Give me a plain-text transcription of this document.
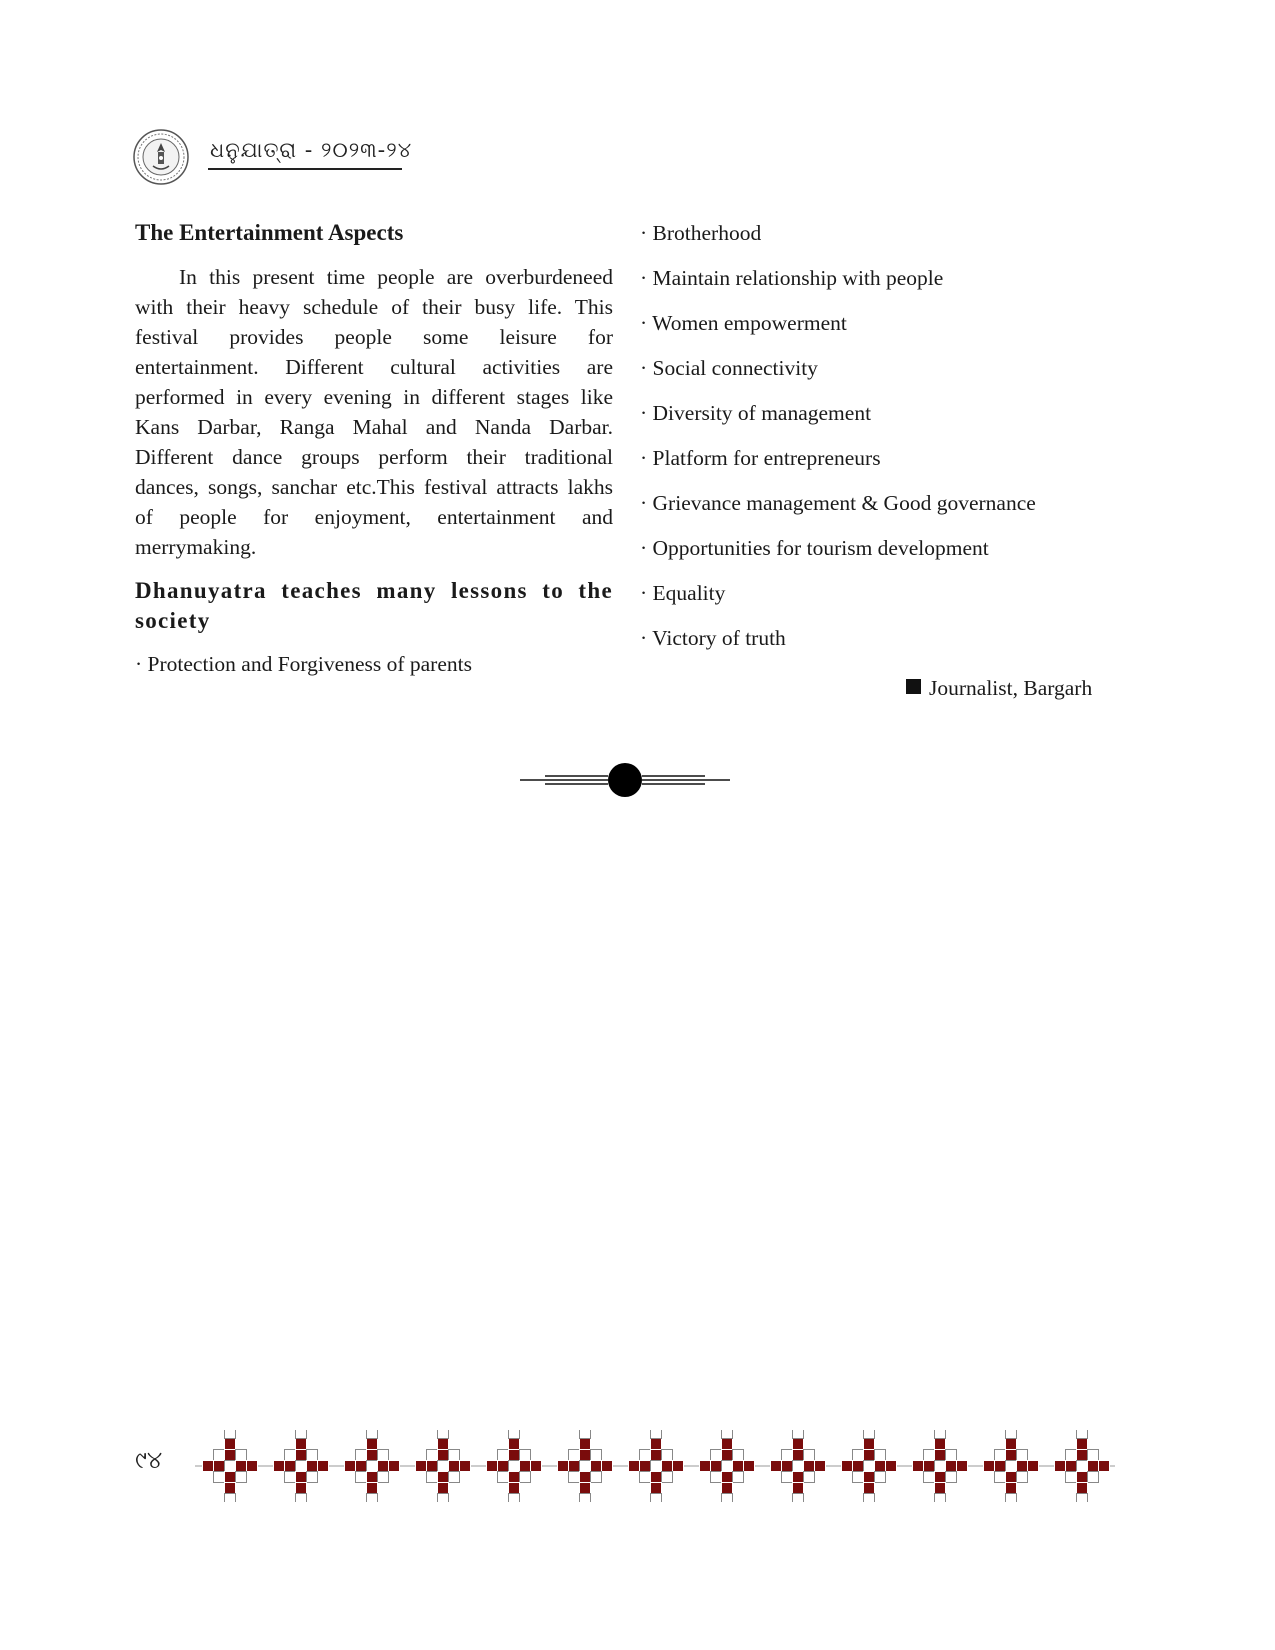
ଧନୁଯାତ୍ରା - ୨୦୨୩-୨୪

The Entertainment Aspects

In this present time people are overburdeneed with their heavy schedule of their busy life. This festival provides people some leisure for entertainment. Different cultural activities are performed in every evening in different stages like Kans Darbar, Ranga Mahal and Nanda Darbar. Different dance groups perform their traditional dances, songs, sanchar etc.This festival attracts lakhs of people for enjoyment, entertainment and merrymaking.

Dhanuyatra teaches many lessons to the society

· Protection and Forgiveness of parents

· Brotherhood

· Maintain relationship with people

· Women empowerment

· Social connectivity

· Diversity of management

· Platform for entrepreneurs

· Grievance management & Good governance

· Opportunities for tourism development

· Equality

· Victory of truth

Journalist, Bargarh
୯୪
